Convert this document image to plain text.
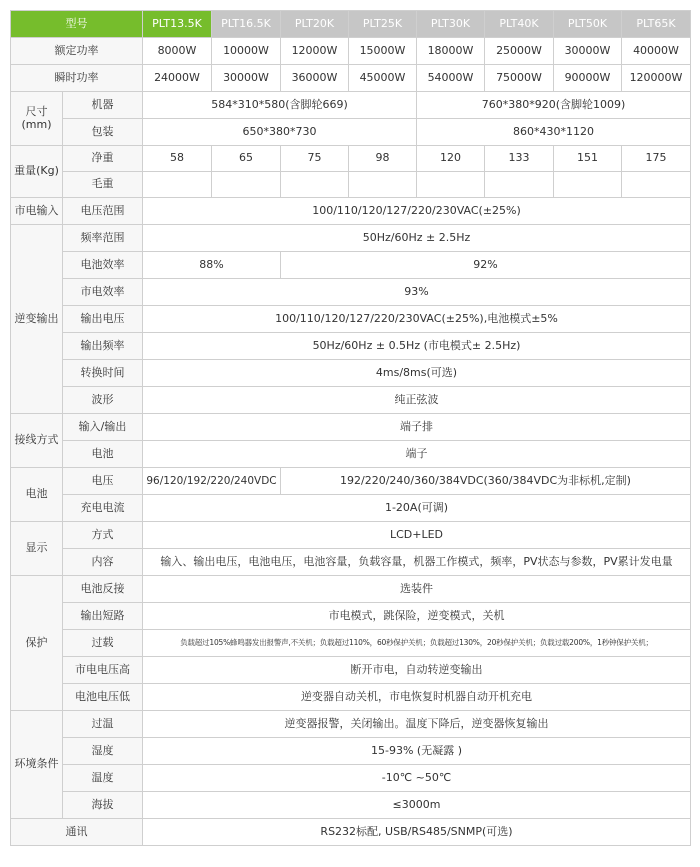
型号		PLT13.5K	PLT16.5K	PLT20K	PLT25K	PLT30K	PLT40K	PLT50K	PLT65K
额定功率		8000W	10000W	12000W	15000W	18000W	25000W	30000W	40000W
瞬时功率		24000W	30000W	36000W	45000W	54000W	75000W	90000W	120000W
尺寸(mm)	机器	584*310*580(含脚轮669)				760*380*920(含脚轮1009)			
	包装	650*380*730				860*430*1120			
重量(Kg)	净重	58	65	75	98	120	133	151	175
	毛重								
市电输入	电压范围	100/110/120/127/220/230VAC(±25%)							
逆变输出	频率范围	50Hz/60Hz ± 2.5Hz							
	电池效率	88%		92%					
	市电效率	93%							
	输出电压	100/110/120/127/220/230VAC(±25%),电池模式±5%							
	输出频率	50Hz/60Hz ± 0.5Hz (市电模式± 2.5Hz)							
	转换时间	4ms/8ms(可选)							
	波形	纯正弦波							
接线方式	输入/输出	端子排							
	电池	端子							
电池	电压	96/120/192/220/240VDC		192/220/240/360/384VDC(360/384VDC为非标机,定制)					
	充电电流	1-20A(可调)							
显示	方式	LCD+LED							
	内容	输入、输出电压，电池电压，电池容量，负载容量，机器工作模式，频率，PV状态与参数，PV累计发电量							
保护	电池反接	选装件							
	输出短路	市电模式，跳保险，逆变模式，关机							
	过载	负载超过105%蜂鸣器发出报警声,不关机；负载超过110%，60秒保护关机；负载超过130%，20秒保护关机；负载过载200%，1秒钟保护关机；							
	市电电压高	断开市电，自动转逆变输出							
	电池电压低	逆变器自动关机，市电恢复时机器自动开机充电							
环境条件	过温	逆变器报警，关闭输出。温度下降后，逆变器恢复输出							
	湿度	15-93% (无凝露 )							
	温度	-10℃ ~50℃							
	海拔	≤3000m							
通讯		RS232标配, USB/RS485/SNMP(可选)							
